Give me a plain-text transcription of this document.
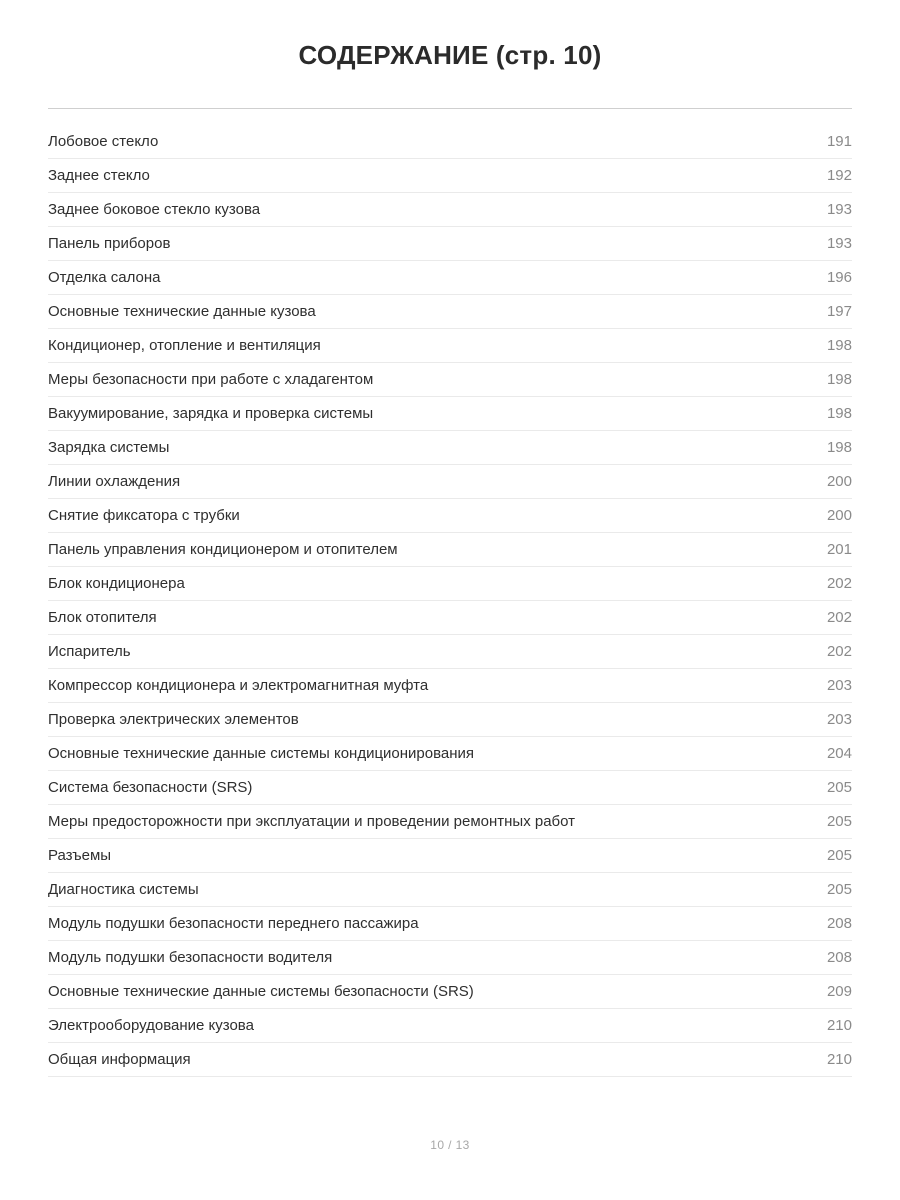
СОДЕРЖАНИЕ (стр. 10)
Лобовое стекло	191
Заднее стекло	192
Заднее боковое стекло кузова	193
Панель приборов	193
Отделка салона	196
Основные технические данные кузова	197
Кондиционер, отопление и вентиляция	198
Меры безопасности при работе с хладагентом	198
Вакуумирование, зарядка и проверка системы	198
Зарядка системы	198
Линии охлаждения	200
Снятие фиксатора с трубки	200
Панель управления кондиционером и отопителем	201
Блок кондиционера	202
Блок отопителя	202
Испаритель	202
Компрессор кондиционера и электромагнитная муфта	203
Проверка электрических элементов	203
Основные технические данные системы кондиционирования	204
Система безопасности (SRS)	205
Меры предосторожности при эксплуатации и проведении ремонтных работ	205
Разъемы	205
Диагностика системы	205
Модуль подушки безопасности переднего пассажира	208
Модуль подушки безопасности водителя	208
Основные технические данные системы безопасности (SRS)	209
Электрооборудование кузова	210
Общая информация	210
10 / 13
